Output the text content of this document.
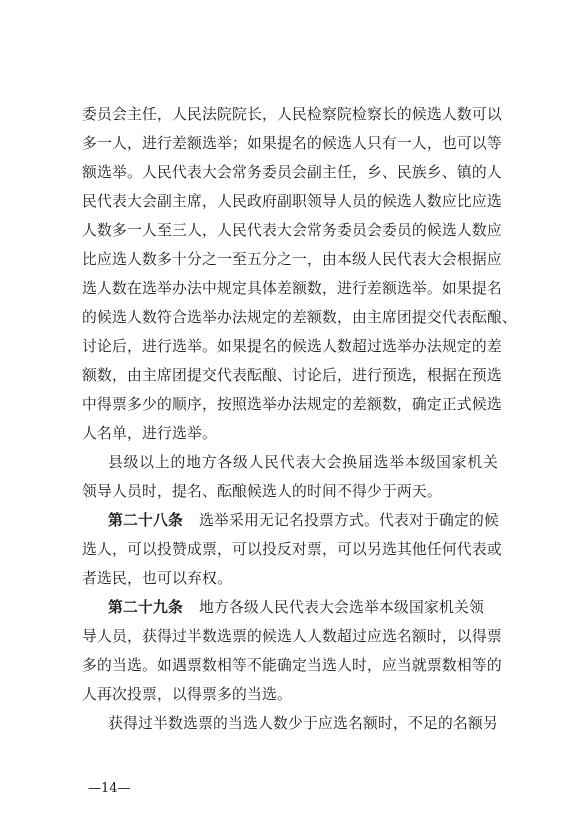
委员会主任，人民法院院长，人民检察院检察长的候选人数可以
多一人，进行差额选举；如果提名的候选人只有一人，也可以等
额选举。人民代表大会常务委员会副主任，乡、民族乡、镇的人
民代表大会副主席，人民政府副职领导人员的候选人数应比应选
人数多一人至三人，人民代表大会常务委员会委员的候选人数应
比应选人数多十分之一至五分之一，由本级人民代表大会根据应
选人数在选举办法中规定具体差额数，进行差额选举。如果提名
的候选人数符合选举办法规定的差额数，由主席团提交代表酝酿、
讨论后，进行选举。如果提名的候选人数超过选举办法规定的差
额数，由主席团提交代表酝酿、讨论后，进行预选，根据在预选
中得票多少的顺序，按照选举办法规定的差额数，确定正式候选
人名单，进行选举。
县级以上的地方各级人民代表大会换届选举本级国家机关
领导人员时，提名、酝酿候选人的时间不得少于两天。
第二十八条 选举采用无记名投票方式。代表对于确定的候
选人，可以投赞成票，可以投反对票，可以另选其他任何代表或
者选民，也可以弃权。
第二十九条 地方各级人民代表大会选举本级国家机关领
导人员，获得过半数选票的候选人人数超过应选名额时，以得票
多的当选。如遇票数相等不能确定当选人时，应当就票数相等的
人再次投票，以得票多的当选。
获得过半数选票的当选人数少于应选名额时，不足的名额另
—14—
